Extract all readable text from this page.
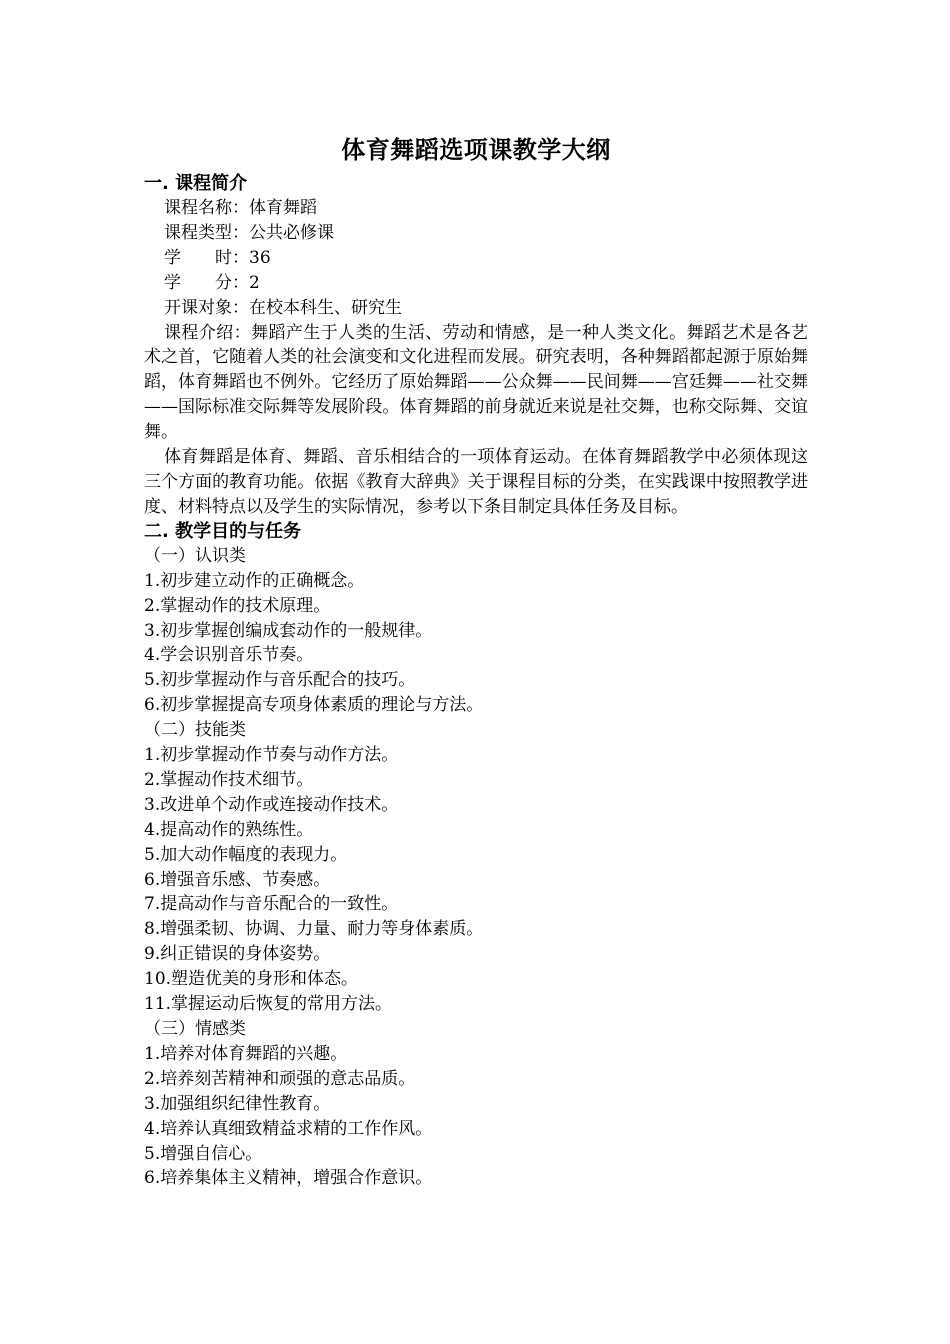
体育舞蹈选项课教学大纲
一. 课程简介
课程名称：体育舞蹈
课程类型：公共必修课
学　　时：36
学　　分：2
开课对象：在校本科生、研究生

课程介绍：舞蹈产生于人类的生活、劳动和情感，是一种人类文化。舞蹈艺术是各艺术之首，它随着人类的社会演变和文化进程而发展。研究表明，各种舞蹈都起源于原始舞蹈，体育舞蹈也不例外。它经历了原始舞蹈——公众舞——民间舞——宫廷舞——社交舞——国际标准交际舞等发展阶段。体育舞蹈的前身就近来说是社交舞，也称交际舞、交谊舞。

体育舞蹈是体育、舞蹈、音乐相结合的一项体育运动。在体育舞蹈教学中必须体现这三个方面的教育功能。依据《教育大辞典》关于课程目标的分类，在实践课中按照教学进度、材料特点以及学生的实际情况，参考以下条目制定具体任务及目标。

二. 教学目的与任务
（一）认识类
1.初步建立动作的正确概念。
2.掌握动作的技术原理。
3.初步掌握创编成套动作的一般规律。
4.学会识别音乐节奏。
5.初步掌握动作与音乐配合的技巧。
6.初步掌握提高专项身体素质的理论与方法。
（二）技能类
1.初步掌握动作节奏与动作方法。
2.掌握动作技术细节。
3.改进单个动作或连接动作技术。
4.提高动作的熟练性。
5.加大动作幅度的表现力。
6.增强音乐感、节奏感。
7.提高动作与音乐配合的一致性。
8.增强柔韧、协调、力量、耐力等身体素质。
9.纠正错误的身体姿势。
10.塑造优美的身形和体态。
11.掌握运动后恢复的常用方法。
（三）情感类
1.培养对体育舞蹈的兴趣。
2.培养刻苦精神和顽强的意志品质。
3.加强组织纪律性教育。
4.培养认真细致精益求精的工作作风。
5.增强自信心。
6.培养集体主义精神，增强合作意识。
